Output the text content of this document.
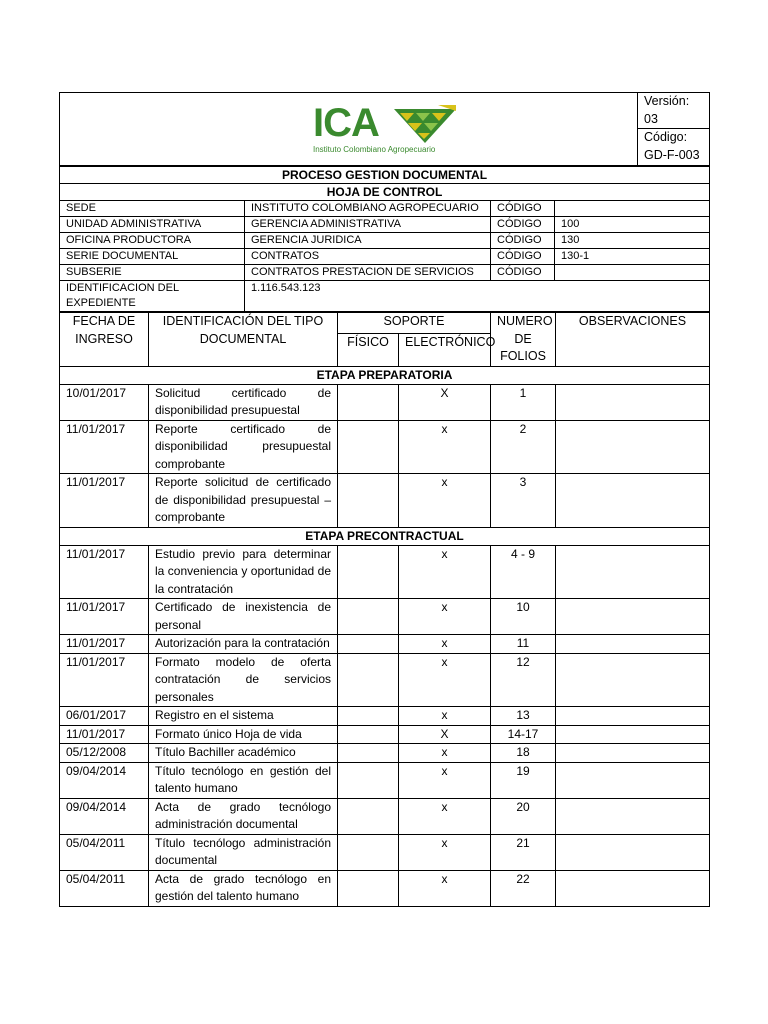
ICA
Instituto Colombiano Agropecuario

Versión:
03
Código:
GD-F-003
PROCESO GESTION DOCUMENTAL			
HOJA DE CONTROL			
SEDE	INSTITUTO COLOMBIANO AGROPECUARIO	CÓDIGO	
UNIDAD ADMINISTRATIVA	GERENCIA ADMINISTRATIVA	CÓDIGO	100
OFICINA PRODUCTORA	GERENCIA JURIDICA	CÓDIGO	130
SERIE DOCUMENTAL	CONTRATOS	CÓDIGO	130-1
SUBSERIE	CONTRATOS PRESTACION DE SERVICIOS	CÓDIGO	
IDENTIFICACION DEL EXPEDIENTE	1.116.543.123		
FECHA DE INGRESO	IDENTIFICACIÓN DEL TIPO DOCUMENTAL	SOPORTE		NUMERO DE FOLIOS	OBSERVACIONES
		FÍSICO	ELECTRÓNICO		
ETAPA PREPARATORIA					
10/01/2017	Solicitud certificado de disponibilidad presupuestal		X	1	
11/01/2017	Reporte certificado de disponibilidad presupuestal comprobante		x	2	
11/01/2017	Reporte solicitud de certificado de disponibilidad presupuestal – comprobante		x	3	
ETAPA PRECONTRACTUAL					
11/01/2017	Estudio previo para determinar la conveniencia y oportunidad de la contratación		x	4 - 9	
11/01/2017	Certificado de inexistencia de personal		x	10	
11/01/2017	Autorización para la contratación		x	11	
11/01/2017	Formato modelo de oferta contratación de servicios personales		x	12	
06/01/2017	Registro en el sistema		x	13	
11/01/2017	Formato único Hoja de vida		X	14-17	
05/12/2008	Título Bachiller académico		x	18	
09/04/2014	Título tecnólogo en gestión del talento humano		x	19	
09/04/2014	Acta de grado tecnólogo administración documental		x	20	
05/04/2011	Título tecnólogo administración documental		x	21	
05/04/2011	Acta de grado tecnólogo en gestión del talento humano		x	22	
